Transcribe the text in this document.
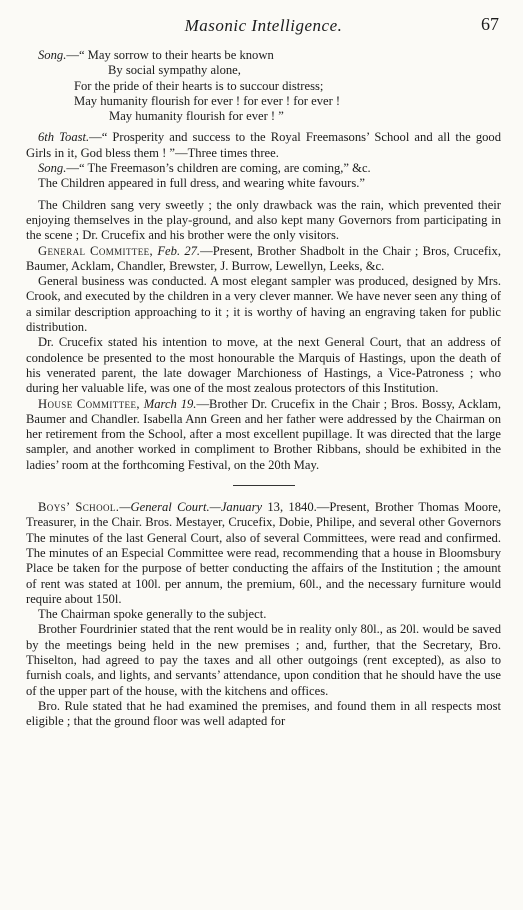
Masonic Intelligence.	67
Song.—“ May sorrow to their hearts be known
By social sympathy alone,
For the pride of their hearts is to succour distress;
May humanity flourish for ever ! for ever ! for ever !
May humanity flourish for ever ! ”

6th Toast.—“ Prosperity and success to the Royal Freemasons’ School and all the good Girls in it, God bless them ! ”—Three times three.

Song.—“ The Freemason’s children are coming, are coming,” &c.

The Children appeared in full dress, and wearing white favours.”

The Children sang very sweetly ; the only drawback was the rain, which prevented their enjoying themselves in the play-ground, and also kept many Governors from participating in the scene ; Dr. Crucefix and his brother were the only visitors.

General Committee, Feb. 27.—Present, Brother Shadbolt in the Chair ; Bros, Crucefix, Baumer, Acklam, Chandler, Brewster, J. Burrow, Lewellyn, Leeks, &c.

General business was conducted. A most elegant sampler was produced, designed by Mrs. Crook, and executed by the children in a very clever manner. We have never seen any thing of a similar description approaching to it ; it is worthy of having an engraving taken for public distribution.

Dr. Crucefix stated his intention to move, at the next General Court, that an address of condolence be presented to the most honourable the Marquis of Hastings, upon the death of his venerated parent, the late dowager Marchioness of Hastings, a Vice-Patroness ; who during her valuable life, was one of the most zealous protectors of this Institution.

House Committee, March 19.—Brother Dr. Crucefix in the Chair ; Bros. Bossy, Acklam, Baumer and Chandler. Isabella Ann Green and her father were addressed by the Chairman on her retirement from the School, after a most excellent pupillage. It was directed that the large sampler, and another worked in compliment to Brother Ribbans, should be exhibited in the ladies’ room at the forthcoming Festival, on the 20th May.

Boys’ School.—General Court.—January 13, 1840.—Present, Brother Thomas Moore, Treasurer, in the Chair. Bros. Mestayer, Crucefix, Dobie, Philipe, and several other Governors The minutes of the last General Court, also of several Committees, were read and confirmed. The minutes of an Especial Committee were read, recommending that a house in Bloomsbury Place be taken for the purpose of better conducting the affairs of the Institution ; the amount of rent was stated at 100l. per annum, the premium, 60l., and the necessary furniture would require about 150l.

The Chairman spoke generally to the subject.

Brother Fourdrinier stated that the rent would be in reality only 80l., as 20l. would be saved by the meetings being held in the new premises ; and, further, that the Secretary, Bro. Thiselton, had agreed to pay the taxes and all other outgoings (rent excepted), as also to furnish coals, and lights, and servants’ attendance, upon condition that he should have the use of the upper part of the house, with the kitchens and offices.

Bro. Rule stated that he had examined the premises, and found them in all respects most eligible ; that the ground floor was well adapted for
